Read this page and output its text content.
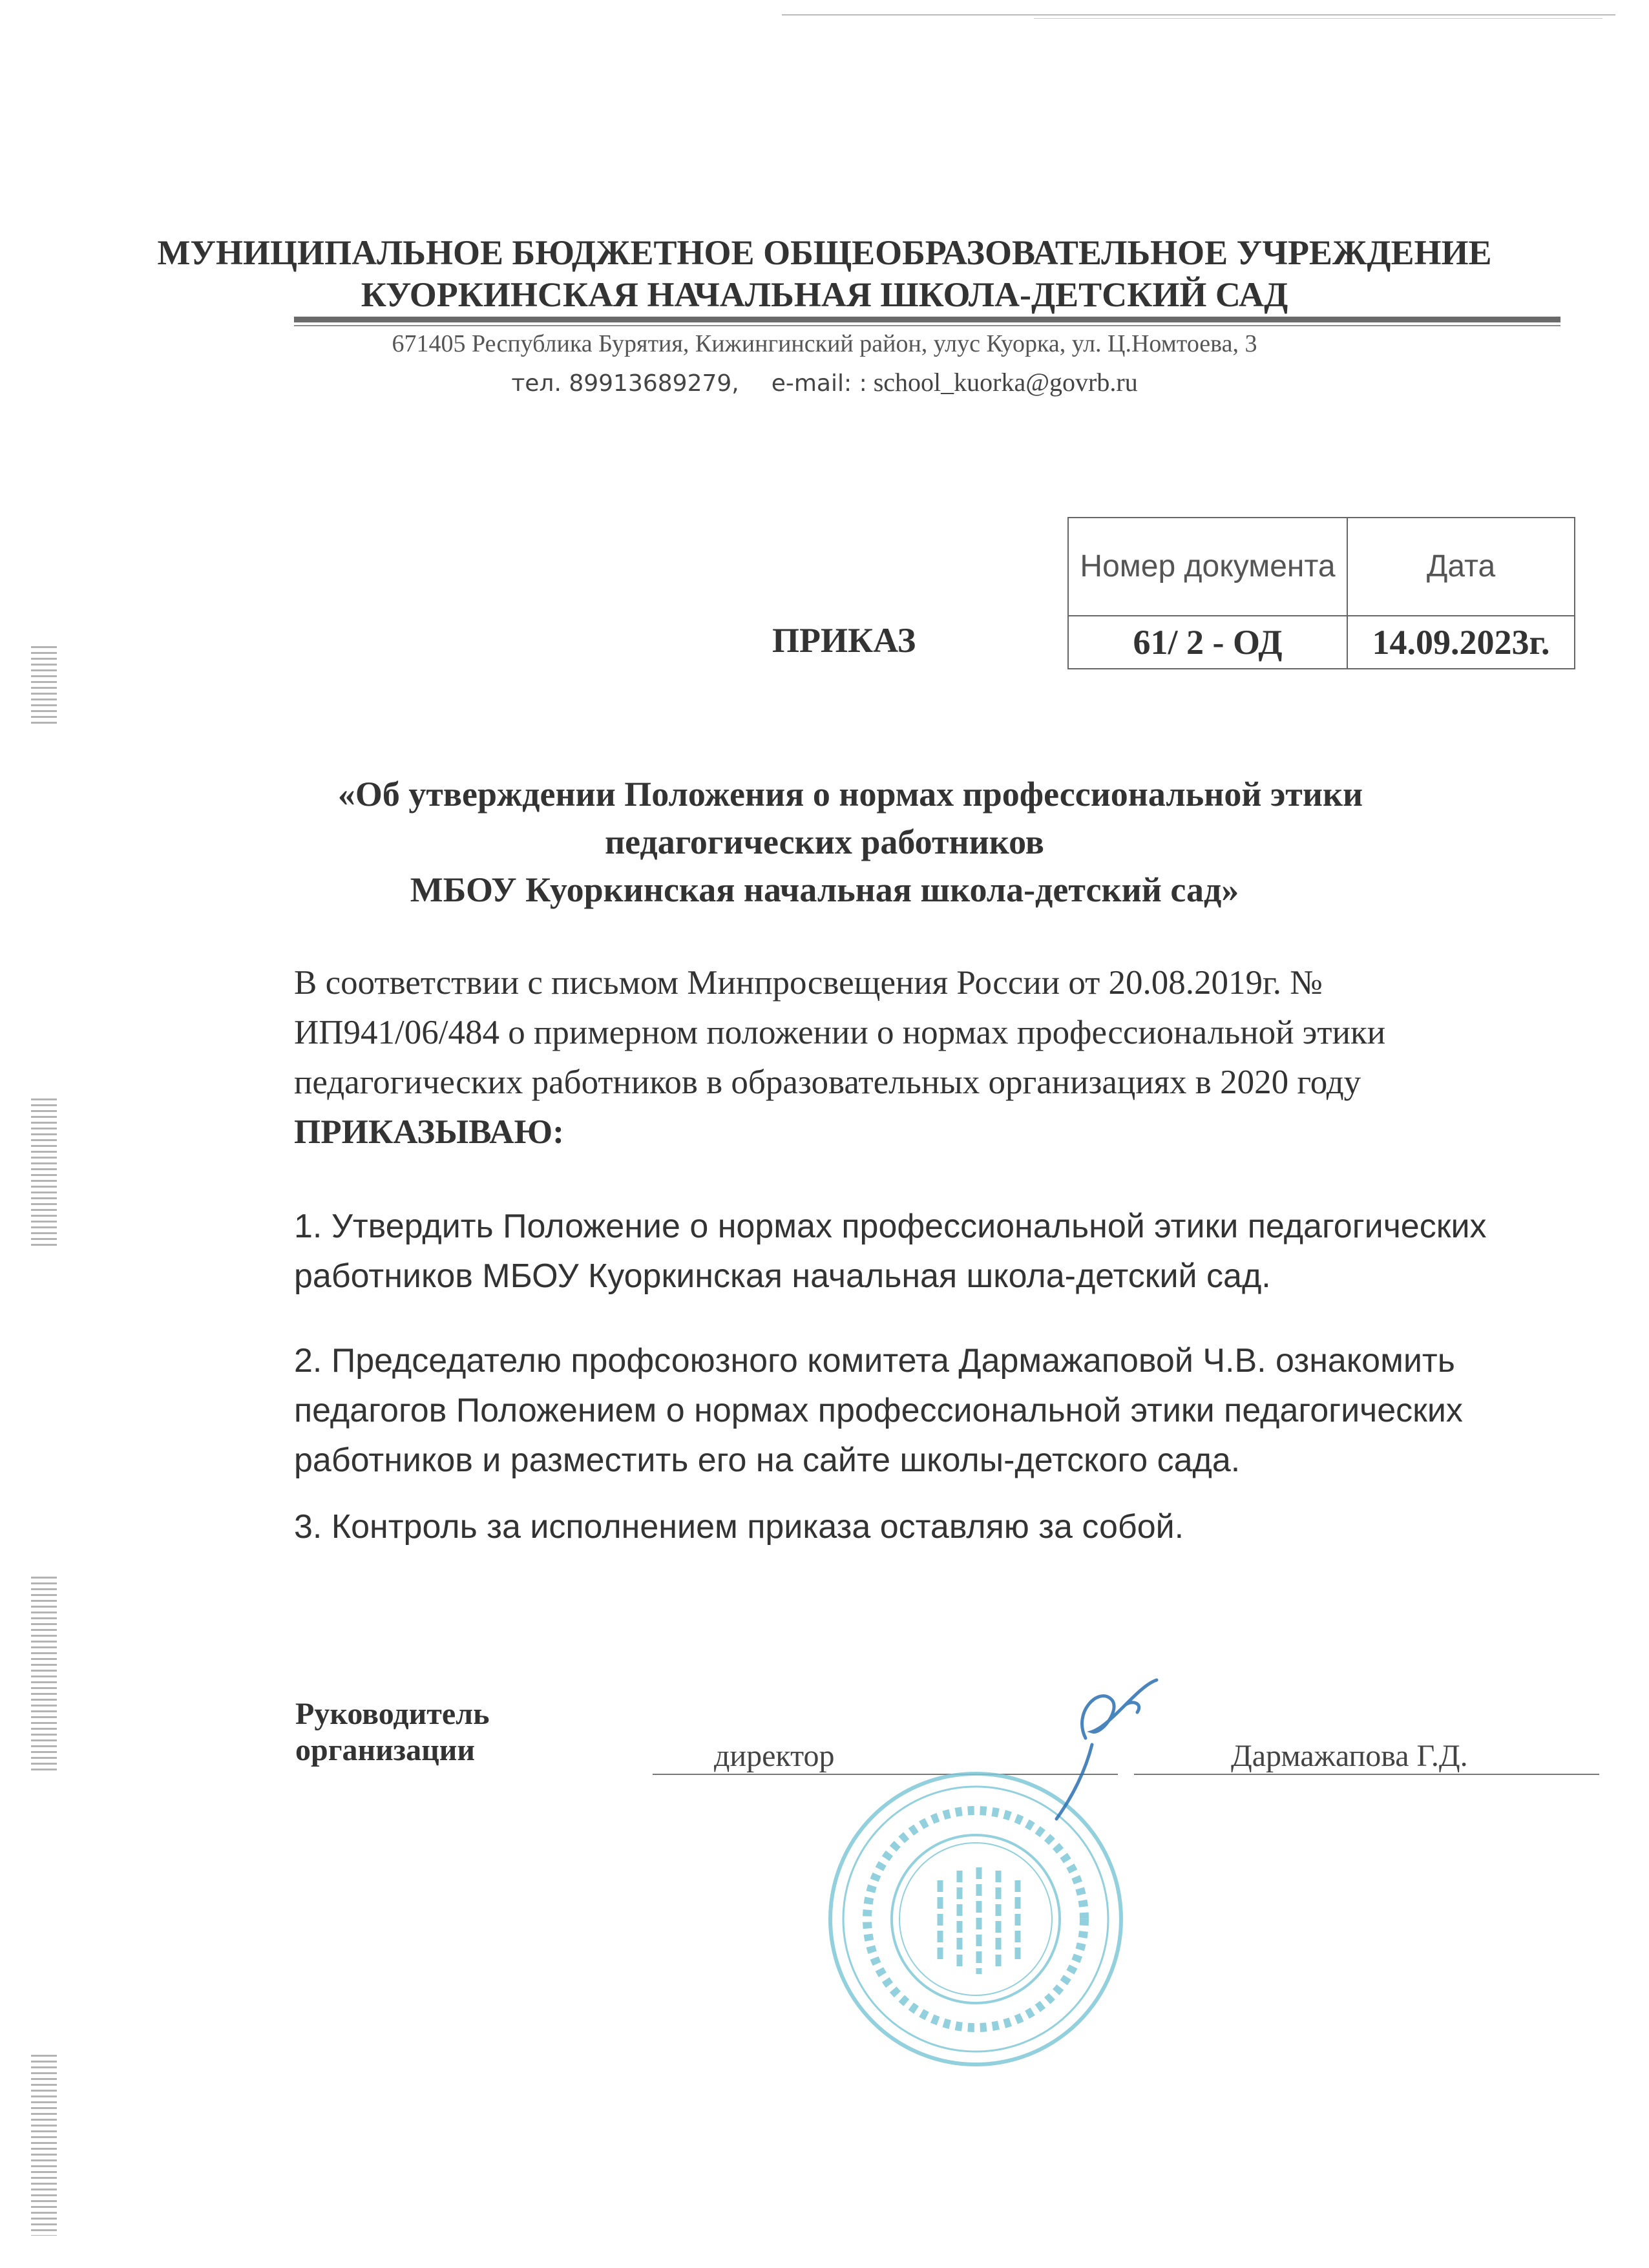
МУНИЦИПАЛЬНОЕ БЮДЖЕТНОЕ ОБЩЕОБРАЗОВАТЕЛЬНОЕ УЧРЕЖДЕНИЕ
КУОРКИНСКАЯ НАЧАЛЬНАЯ ШКОЛА-ДЕТСКИЙ САД
671405 Республика Бурятия, Кижингинский район, улус Куорка, ул. Ц.Номтоева, 3
тел. 89913689279, e-mail: : school_kuorka@govrb.ru
Номер документа	Дата
61/ 2 - ОД	14.09.2023г.
ПРИКАЗ
«Об утверждении Положения о нормах профессиональной этики
педагогических работников
МБОУ Куоркинская начальная школа-детский сад»

В соответствии с письмом Минпросвещения России от 20.08.2019г. №

ИП941/06/484 о примерном положении о нормах профессиональной этики

педагогических работников в образовательных организациях в 2020 году

ПРИКАЗЫВАЮ:

1. Утвердить Положение о нормах профессиональной этики педагогических

работников МБОУ Куоркинская начальная школа-детский сад.

2. Председателю профсоюзного комитета Дармажаповой Ч.В. ознакомить

педагогов Положением о нормах профессиональной этики педагогических

работников и разместить его на сайте школы-детского сада.

3. Контроль за исполнением приказа оставляю за собой.
Руководитель
организации	директор	Дармажапова Г.Д.
